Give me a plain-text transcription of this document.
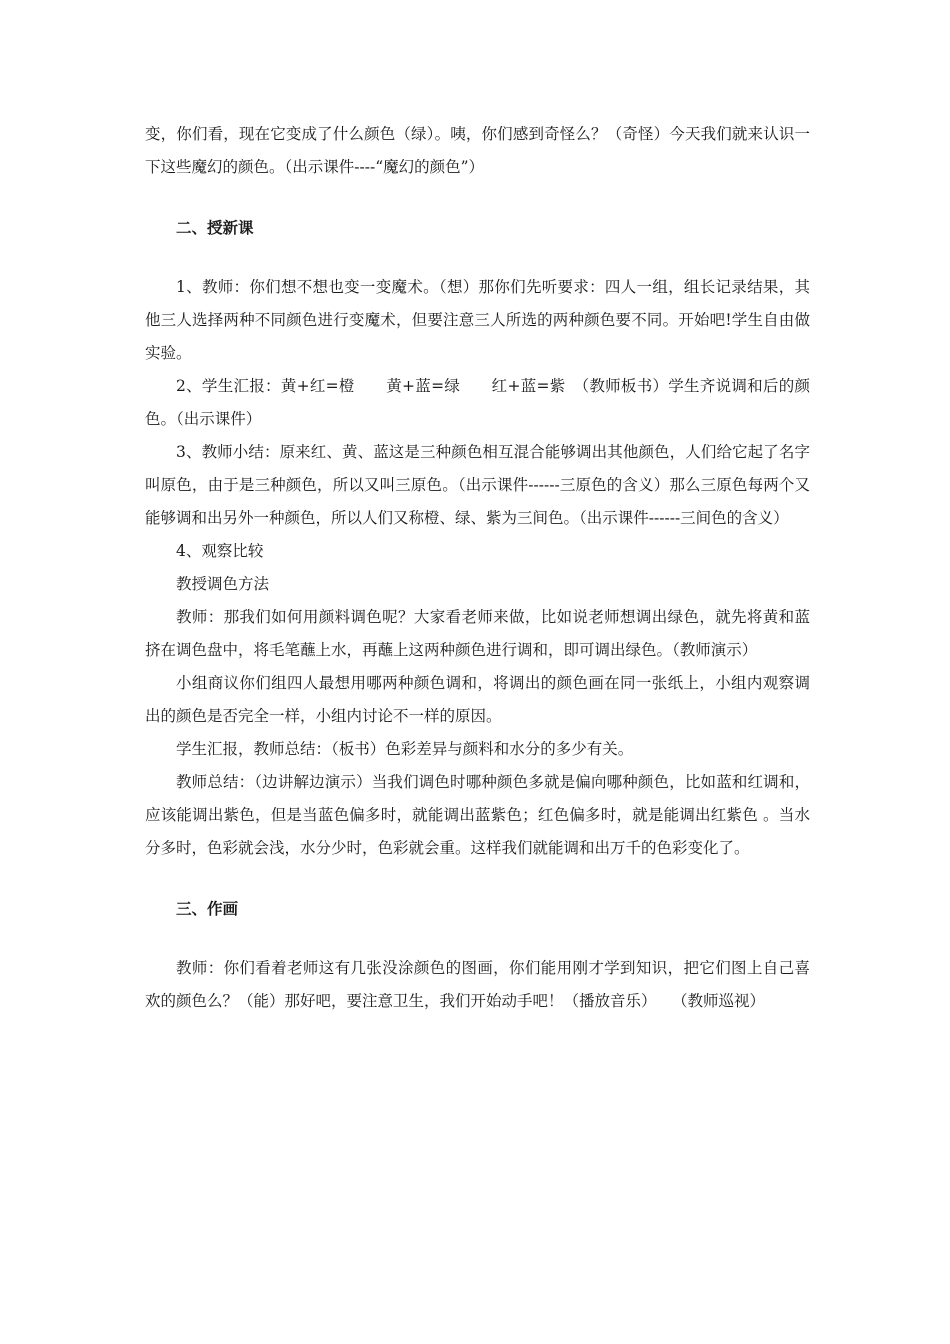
变，你们看，现在它变成了什么颜色（绿）。咦，你们感到奇怪么？（奇怪）今天我们就来认识一下这些魔幻的颜色。（出示课件----“魔幻的颜色”）

二、授新课

1、教师：你们想不想也变一变魔术。（想）那你们先听要求：四人一组，组长记录结果，其他三人选择两种不同颜色进行变魔术，但要注意三人所选的两种颜色要不同。开始吧!学生自由做实验。

2、学生汇报：黄+红=橙　　黄+蓝=绿　　红+蓝=紫　（教师板书）学生齐说调和后的颜色。（出示课件）

3、教师小结：原来红、黄、蓝这是三种颜色相互混合能够调出其他颜色，人们给它起了名字叫原色，由于是三种颜色，所以又叫三原色。（出示课件------三原色的含义）那么三原色每两个又能够调和出另外一种颜色，所以人们又称橙、绿、紫为三间色。（出示课件------三间色的含义）

4、观察比较

教授调色方法

教师：那我们如何用颜料调色呢？大家看老师来做，比如说老师想调出绿色，就先将黄和蓝挤在调色盘中，将毛笔蘸上水，再蘸上这两种颜色进行调和，即可调出绿色。（教师演示）

小组商议你们组四人最想用哪两种颜色调和，将调出的颜色画在同一张纸上，小组内观察调出的颜色是否完全一样，小组内讨论不一样的原因。

学生汇报，教师总结：（板书）色彩差异与颜料和水分的多少有关。

教师总结：（边讲解边演示）当我们调色时哪种颜色多就是偏向哪种颜色，比如蓝和红调和，应该能调出紫色，但是当蓝色偏多时，就能调出蓝紫色；红色偏多时，就是能调出红紫色 。当水分多时，色彩就会浅，水分少时，色彩就会重。这样我们就能调和出万千的色彩变化了。

三、作画

教师：你们看着老师这有几张没涂颜色的图画，你们能用刚才学到知识，把它们图上自己喜欢的颜色么？（能）那好吧，要注意卫生，我们开始动手吧！（播放音乐）　　（教师巡视）
